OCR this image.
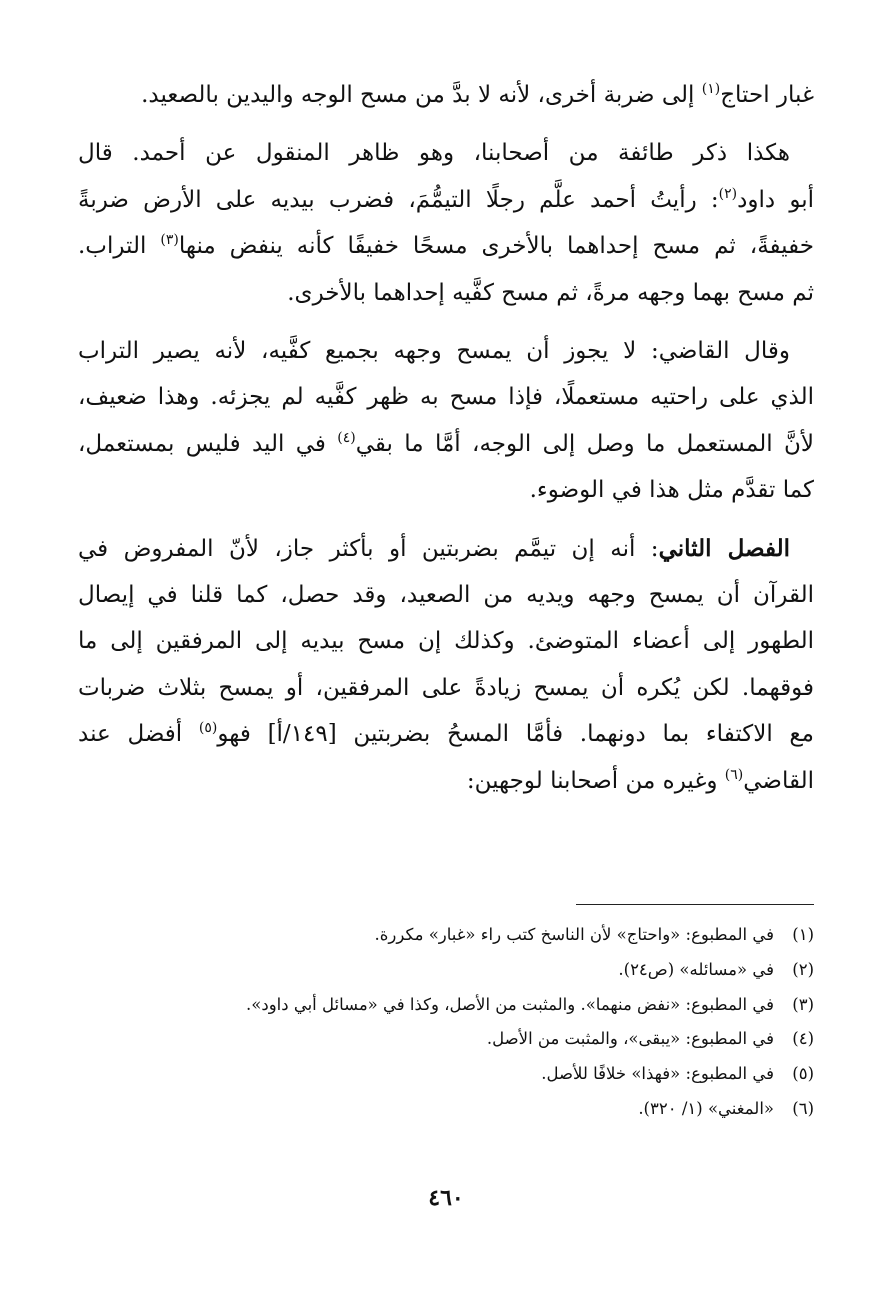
غبار احتاج$^{(١)}$ إلى ضربة أخرى، لأنه لا بدَّ من مسح الوجه واليدين بالصعيد.

هكذا ذكر طائفة من أصحابنا، وهو ظاهر المنقول عن أحمد. قال
أبو داود$^{(٢)}$: رأيتُ أحمد علَّم رجلًا التيمُّمَ، فضرب بيديه على الأرض ضربةً
خفيفةً، ثم مسح إحداهما بالأخرى مسحًا خفيفًا كأنه ينفض منها$^{(٣)}$ التراب.
ثم مسح بهما وجهه مرةً، ثم مسح كفَّيه إحداهما بالأخرى.

وقال القاضي: لا يجوز أن يمسح وجهه بجميع كفَّيه، لأنه يصير التراب
الذي على راحتيه مستعملًا، فإذا مسح به ظهر كفَّيه لم يجزئه. وهذا ضعيف،
لأنَّ المستعمل ما وصل إلى الوجه، أمَّا ما بقي$^{(٤)}$ في اليد فليس بمستعمل،
كما تقدَّم مثل هذا في الوضوء.

الفصل الثاني: أنه إن تيمَّم بضربتين أو بأكثر جاز، لأنّ المفروض في
القرآن أن يمسح وجهه ويديه من الصعيد، وقد حصل، كما قلنا في إيصال
الطهور إلى أعضاء المتوضئ. وكذلك إن مسح بيديه إلى المرفقين إلى ما
فوقهما. لكن يُكره أن يمسح زيادةً على المرفقين، أو يمسح بثلاث ضربات
مع الاكتفاء بما دونهما. فأمَّا المسحُ بضربتين [١٤٩/أ] فهو$^{(٥)}$ أفضل عند
القاضي$^{(٦)}$ وغيره من أصحابنا لوجهين:

(١)
في المطبوع: «واحتاج» لأن الناسخ كتب راء «غبار» مكررة.
(٢)
في «مسائله» (ص٢٤).
(٣)
في المطبوع: «نفض منهما». والمثبت من الأصل، وكذا في «مسائل أبي داود».
(٤)
في المطبوع: «يبقى»، والمثبت من الأصل.
(٥)
في المطبوع: «فهذا» خلافًا للأصل.
(٦)
«المغني» (١/ ٣٢٠).
٤٦٠
